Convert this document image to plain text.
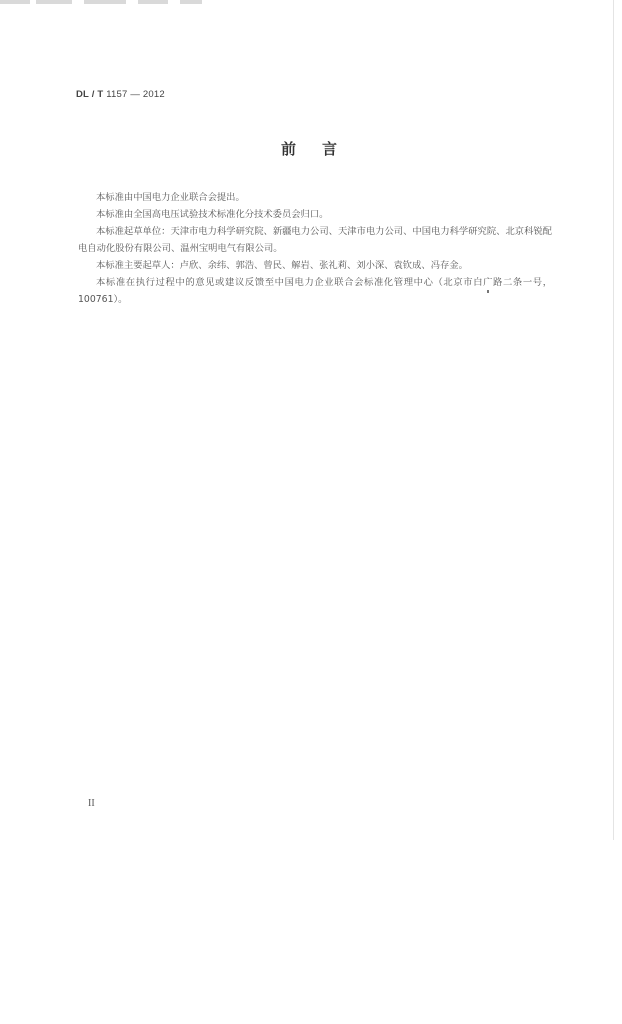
DL / T 1157 — 2012
前言

本标准由中国电力企业联合会提出。

本标准由全国高电压试验技术标准化分技术委员会归口。

本标准起草单位：天津市电力科学研究院、新疆电力公司、天津市电力公司、中国电力科学研究院、北京科锐配电自动化股份有限公司、温州宝明电气有限公司。

本标准主要起草人：卢欣、余纬、郭浩、曾民、解岩、张礼莉、刘小深、袁钦成、冯存金。

本标准在执行过程中的意见或建议反馈至中国电力企业联合会标准化管理中心（北京市白广路二条一号，100761）。

II
